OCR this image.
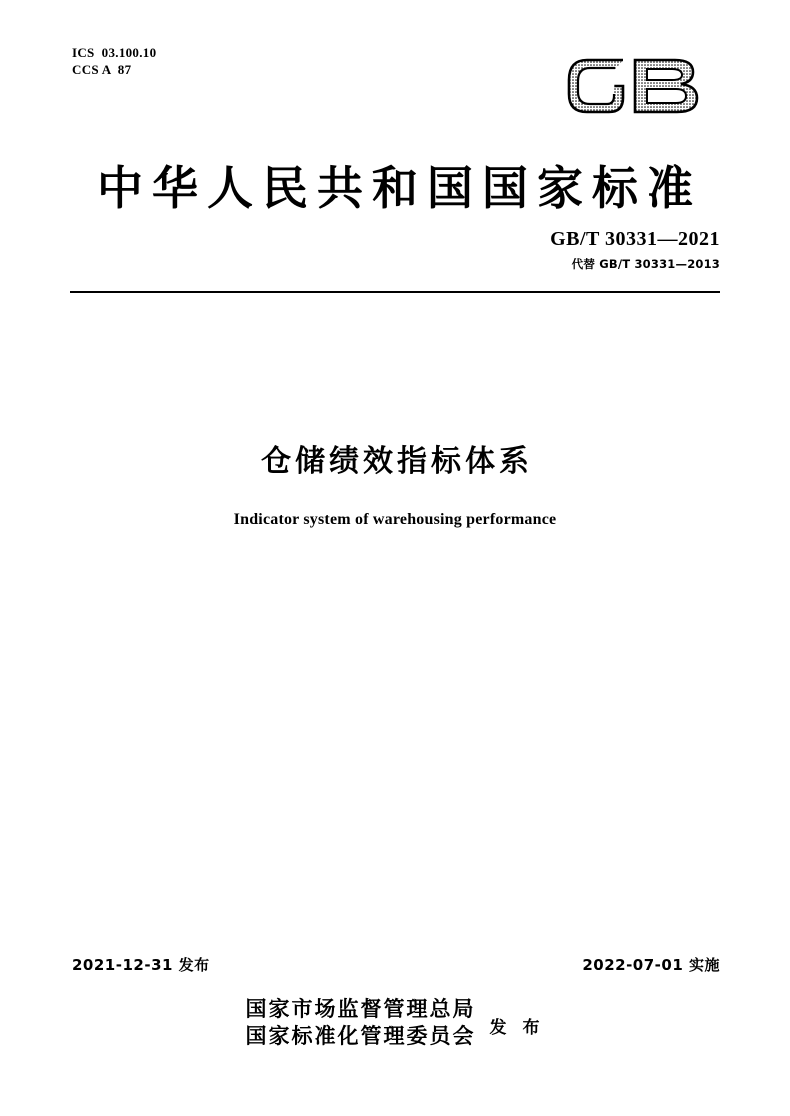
ICS  03.100.10
CCS A  87
中华人民共和国国家标准
GB/T 30331—2021
代替 GB/T 30331—2013
仓储绩效指标体系
Indicator system of warehousing performance
2021-12-31 发布	2022-07-01 实施
国家市场监督管理总局
国家标准化管理委员会 发 布
